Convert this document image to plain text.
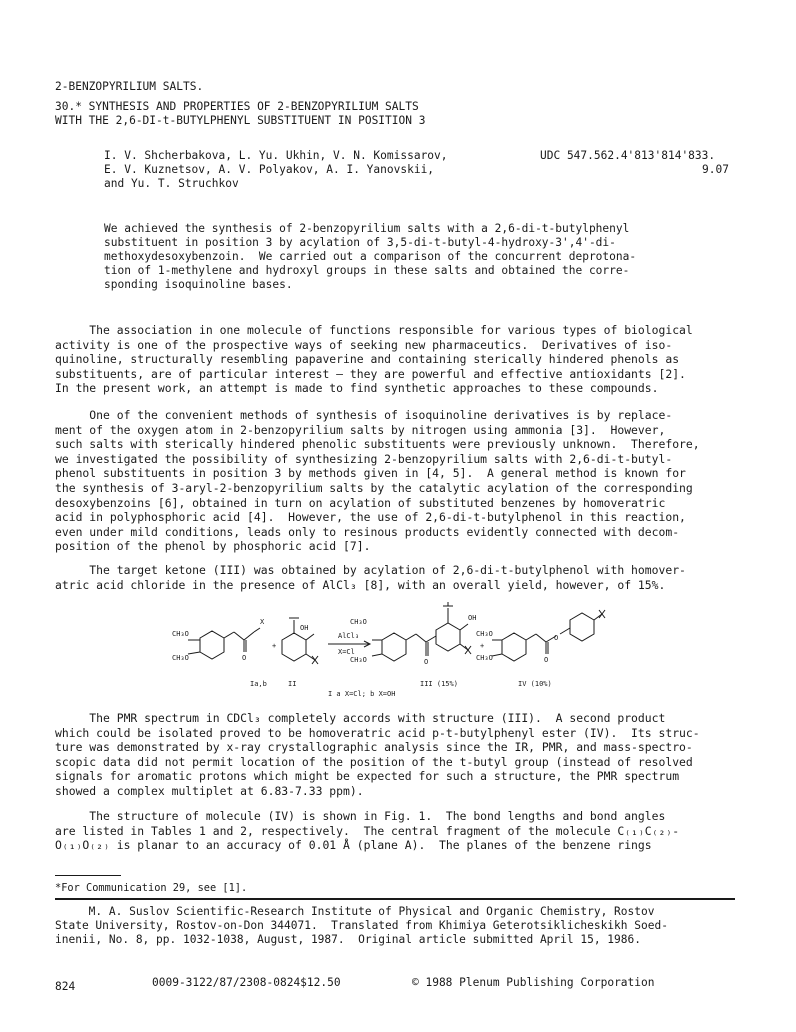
2-BENZOPYRILIUM SALTS.
30.* SYNTHESIS AND PROPERTIES OF 2-BENZOPYRILIUM SALTS
WITH THE 2,6-DI-t-BUTYLPHENYL SUBSTITUENT IN POSITION 3
I. V. Shcherbakova, L. Yu. Ukhin, V. N. Komissarov,
E. V. Kuznetsov, A. V. Polyakov, A. I. Yanovskii,
and Yu. T. Struchkov
UDC 547.562.4'813'814'833.
9.07
We achieved the synthesis of 2-benzopyrilium salts with a 2,6-di-t-butylphenyl
substituent in position 3 by acylation of 3,5-di-t-butyl-4-hydroxy-3',4'-di-
methoxydesoxybenzoin.  We carried out a comparison of the concurrent deprotona-
tion of 1-methylene and hydroxyl groups in these salts and obtained the corre-
sponding isoquinoline bases.

The association in one molecule of functions responsible for various types of biological
activity is one of the prospective ways of seeking new pharmaceutics.  Derivatives of iso-
quinoline, structurally resembling papaverine and containing sterically hindered phenols as
substituents, are of particular interest — they are powerful and effective antioxidants [2].
In the present work, an attempt is made to find synthetic approaches to these compounds.

One of the convenient methods of synthesis of isoquinoline derivatives is by replace-
ment of the oxygen atom in 2-benzopyrilium salts by nitrogen using ammonia [3].  However,
such salts with sterically hindered phenolic substituents were previously unknown.  Therefore,
we investigated the possibility of synthesizing 2-benzopyrilium salts with 2,6-di-t-butyl-
phenol substituents in position 3 by methods given in [4, 5].  A general method is known for
the synthesis of 3-aryl-2-benzopyrilium salts by the catalytic acylation of the corresponding
desoxybenzoins [6], obtained in turn on acylation of substituted benzenes by homoveratric
acid in polyphosphoric acid [4].  However, the use of 2,6-di-t-butylphenol in this reaction,
even under mild conditions, leads only to resinous products evidently connected with decom-
position of the phenol by phosphoric acid [7].

The target ketone (III) was obtained by acylation of 2,6-di-t-butylphenol with homover-
atric acid chloride in the presence of AlCl₃ [8], with an overall yield, however, of 15%.

CH₃O
CH₃O
X
OH
AlCl₃
X=Cl
CH₃O
CH₃O
OH
CH₃O
CH₃O
+	+
O	O	O
O
Ia,b	II	III (15%)	IV (10%)
I a X=Cl; b X=OH

The PMR spectrum in CDCl₃ completely accords with structure (III).  A second product
which could be isolated proved to be homoveratric acid p-t-butylphenyl ester (IV).  Its struc-
ture was demonstrated by x-ray crystallographic analysis since the IR, PMR, and mass-spectro-
scopic data did not permit location of the position of the t-butyl group (instead of resolved
signals for aromatic protons which might be expected for such a structure, the PMR spectrum
showed a complex multiplet at 6.83-7.33 ppm).

The structure of molecule (IV) is shown in Fig. 1.  The bond lengths and bond angles
are listed in Tables 1 and 2, respectively.  The central fragment of the molecule C₍₁₎C₍₂₎-
O₍₁₎O₍₂₎ is planar to an accuracy of 0.01 Å (plane A).  The planes of the benzene rings

*For Communication 29, see [1].
M. A. Suslov Scientific-Research Institute of Physical and Organic Chemistry, Rostov
State University, Rostov-on-Don 344071.  Translated from Khimiya Geterotsiklicheskikh Soed-
inenii, No. 8, pp. 1032-1038, August, 1987.  Original article submitted April 15, 1986.
824	0009-3122/87/2308-0824$12.50	© 1988 Plenum Publishing Corporation
